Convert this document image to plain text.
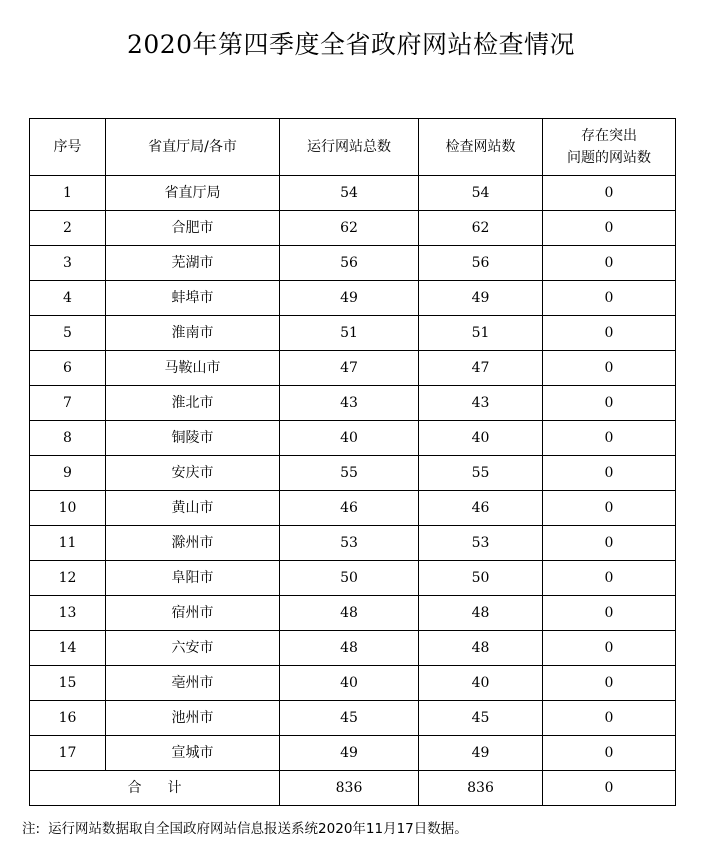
2020年第四季度全省政府网站检查情况
序号	省直厅局/各市	运行网站总数	检查网站数	存在突出
问题的网站数

1	省直厅局	54	54	0
2	合肥市	62	62	0
3	芜湖市	56	56	0
4	蚌埠市	49	49	0
5	淮南市	51	51	0
6	马鞍山市	47	47	0
7	淮北市	43	43	0
8	铜陵市	40	40	0
9	安庆市	55	55	0
10	黄山市	46	46	0
11	滁州市	53	53	0
12	阜阳市	50	50	0
13	宿州市	48	48	0
14	六安市	48	48	0
15	亳州市	40	40	0
16	池州市	45	45	0
17	宣城市	49	49	0
合 计		836	836	0
注: 运行网站数据取自全国政府网站信息报送系统2020年11月17日数据。
